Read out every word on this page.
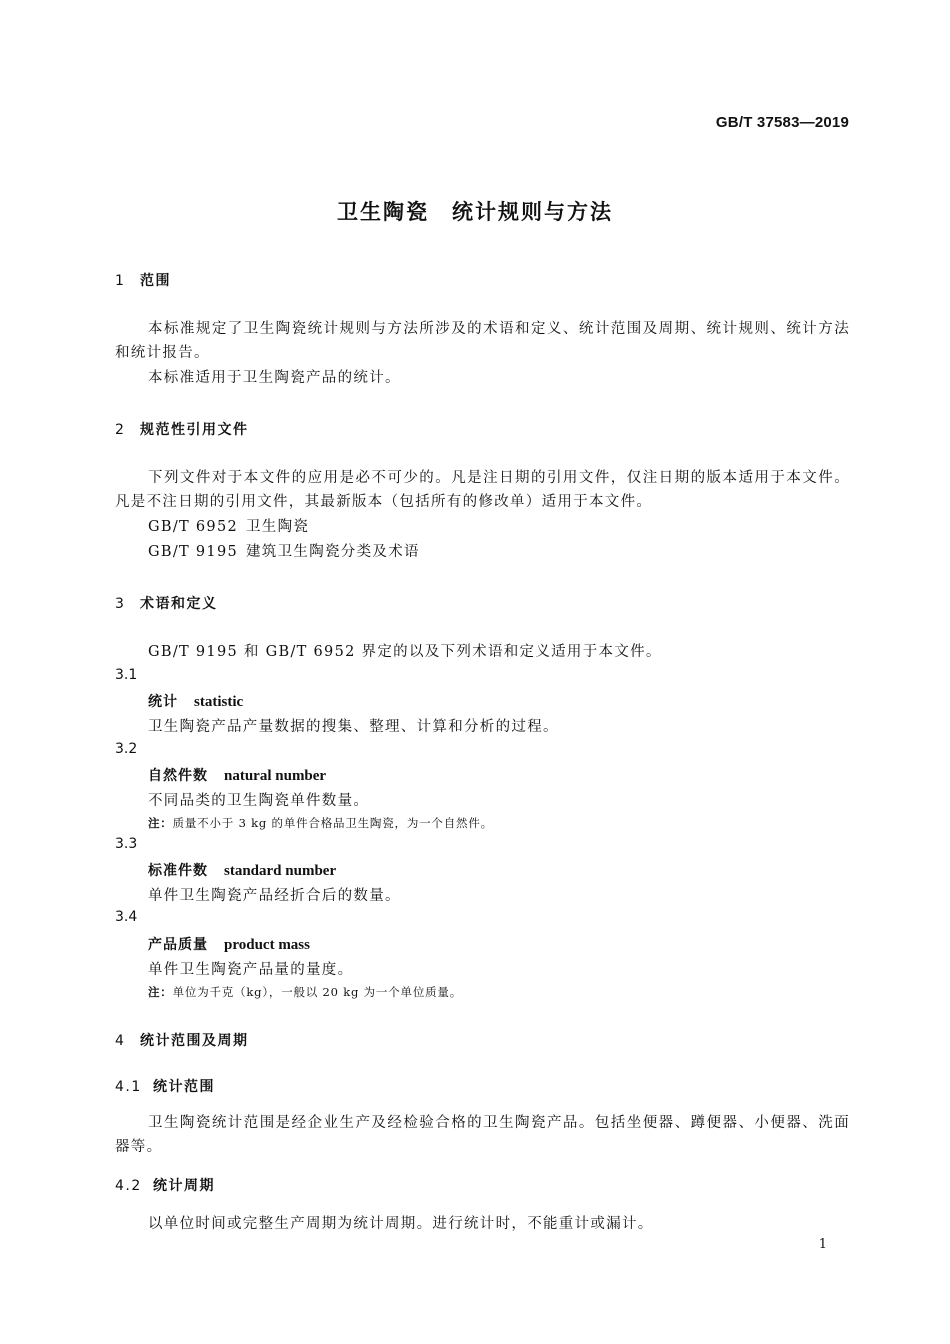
GB/T 37583—2019
卫生陶瓷　统计规则与方法
1 范围
本标准规定了卫生陶瓷统计规则与方法所涉及的术语和定义、统计范围及周期、统计规则、统计方法和统计报告。
本标准适用于卫生陶瓷产品的统计。
2 规范性引用文件
下列文件对于本文件的应用是必不可少的。凡是注日期的引用文件，仅注日期的版本适用于本文件。凡是不注日期的引用文件，其最新版本（包括所有的修改单）适用于本文件。
GB/T 6952 卫生陶瓷
GB/T 9195 建筑卫生陶瓷分类及术语
3 术语和定义
GB/T 9195 和 GB/T 6952 界定的以及下列术语和定义适用于本文件。
3.1
统计 statistic
卫生陶瓷产品产量数据的搜集、整理、计算和分析的过程。
3.2
自然件数 natural number
不同品类的卫生陶瓷单件数量。
注：质量不小于 3 kg 的单件合格品卫生陶瓷，为一个自然件。
3.3
标准件数 standard number
单件卫生陶瓷产品经折合后的数量。
3.4
产品质量 product mass
单件卫生陶瓷产品量的量度。
注：单位为千克（kg），一般以 20 kg 为一个单位质量。
4 统计范围及周期
4.1 统计范围
卫生陶瓷统计范围是经企业生产及经检验合格的卫生陶瓷产品。包括坐便器、蹲便器、小便器、洗面器等。
4.2 统计周期
以单位时间或完整生产周期为统计周期。进行统计时，不能重计或漏计。
1
